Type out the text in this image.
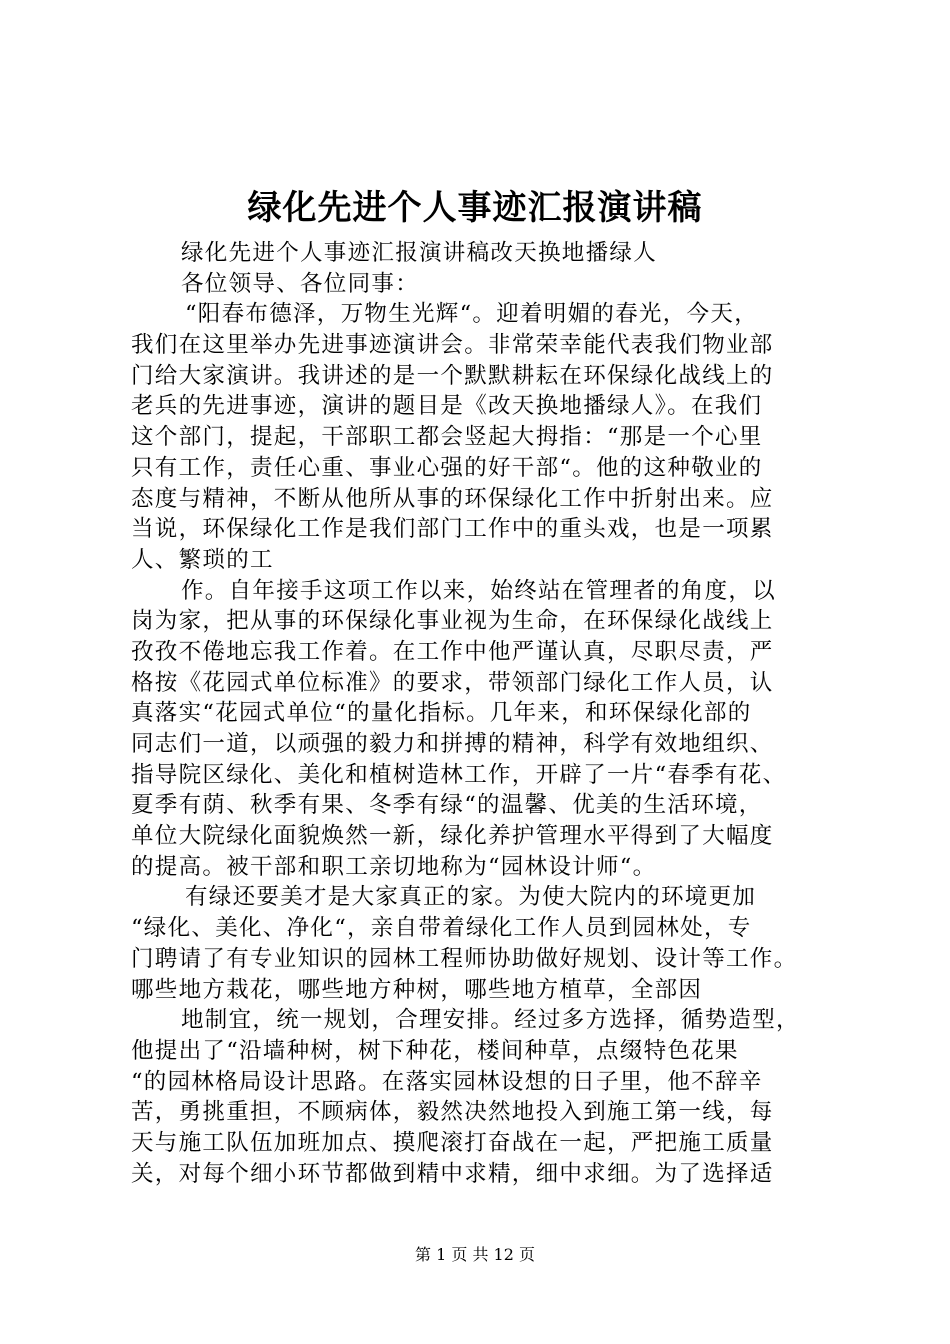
绿化先进个人事迹汇报演讲稿
绿化先进个人事迹汇报演讲稿改天换地播绿人
各位领导、各位同事：
“阳春布德泽，万物生光辉“。迎着明媚的春光，今天，
我们在这里举办先进事迹演讲会。非常荣幸能代表我们物业部
门给大家演讲。我讲述的是一个默默耕耘在环保绿化战线上的
老兵的先进事迹，演讲的题目是《改天换地播绿人》。在我们
这个部门，提起，干部职工都会竖起大拇指：“那是一个心里
只有工作，责任心重、事业心强的好干部“。他的这种敬业的
态度与精神，不断从他所从事的环保绿化工作中折射出来。应
当说，环保绿化工作是我们部门工作中的重头戏，也是一项累
人、繁琐的工
作。自年接手这项工作以来，始终站在管理者的角度，以
岗为家，把从事的环保绿化事业视为生命，在环保绿化战线上
孜孜不倦地忘我工作着。在工作中他严谨认真，尽职尽责，严
格按《花园式单位标准》的要求，带领部门绿化工作人员，认
真落实“花园式单位“的量化指标。几年来，和环保绿化部的
同志们一道，以顽强的毅力和拼搏的精神，科学有效地组织、
指导院区绿化、美化和植树造林工作，开辟了一片“春季有花、
夏季有荫、秋季有果、冬季有绿“的温馨、优美的生活环境，
单位大院绿化面貌焕然一新，绿化养护管理水平得到了大幅度
的提高。被干部和职工亲切地称为“园林设计师“。
有绿还要美才是大家真正的家。为使大院内的环境更加
“绿化、美化、净化“，亲自带着绿化工作人员到园林处，专
门聘请了有专业知识的园林工程师协助做好规划、设计等工作。
哪些地方栽花，哪些地方种树，哪些地方植草，全部因
地制宜，统一规划，合理安排。经过多方选择，循势造型，
他提出了“沿墙种树，树下种花，楼间种草，点缀特色花果
“的园林格局设计思路。在落实园林设想的日子里，他不辞辛
苦，勇挑重担，不顾病体，毅然决然地投入到施工第一线，每
天与施工队伍加班加点、摸爬滚打奋战在一起，严把施工质量
关，对每个细小环节都做到精中求精，细中求细。为了选择适
第 1 页 共 12 页
